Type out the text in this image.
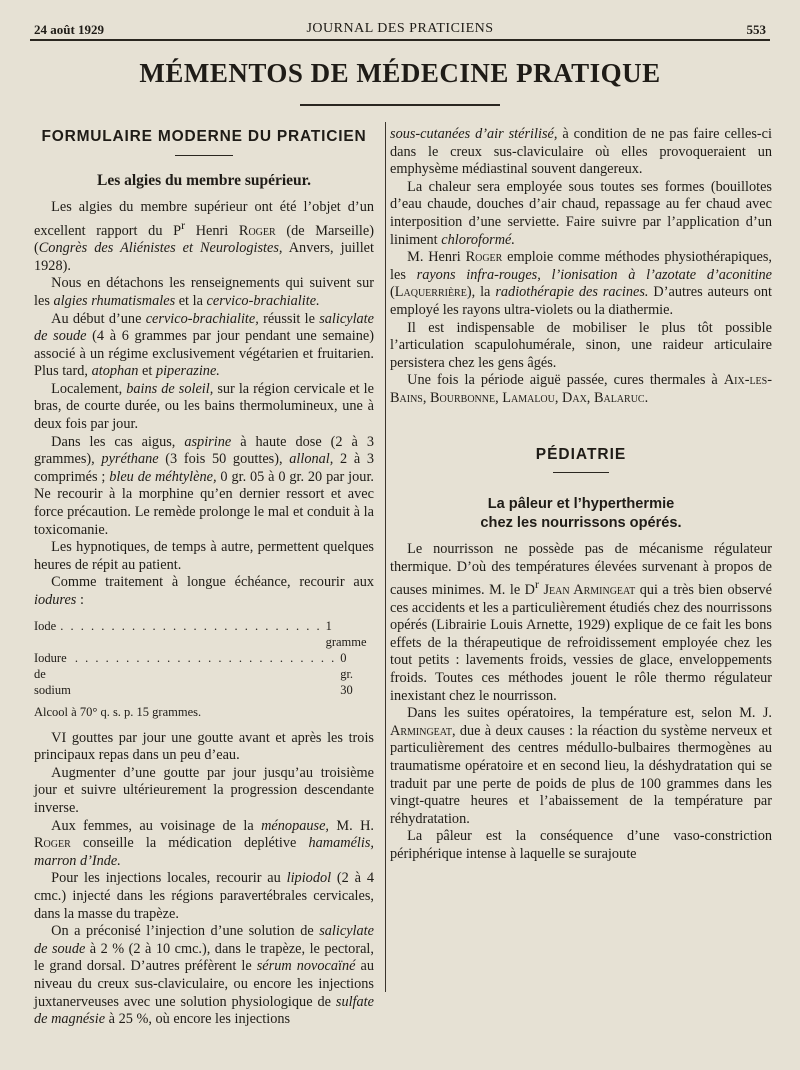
24 août 1929	JOURNAL DES PRATICIENS	553
MÉMENTOS DE MÉDECINE PRATIQUE
FORMULAIRE MODERNE DU PRATICIEN
Les algies du membre supérieur.

Les algies du membre supérieur ont été l’objet d’un excellent rapport du $P^r$ Henri Roger (de Marseille) (Congrès des Aliénistes et Neurologistes, Anvers, juillet 1928).

Nous en détachons les renseignements qui suivent sur les algies rhumatismales et la cervico-brachialite.

Au début d’une cervico-brachialite, réussit le salicylate de soude (4 à 6 grammes par jour pendant une semaine) associé à un régime exclusivement végétarien et fruitarien. Plus tard, atophan et piperazine.

Localement, bains de soleil, sur la région cervicale et le bras, de courte durée, ou les bains thermolumineux, une à deux fois par jour.

Dans les cas aigus, aspirine à haute dose (2 à 3 grammes), pyréthane (3 fois 50 gouttes), allonal, 2 à 3 comprimés ; bleu de méhtylène, 0 gr. 05 à 0 gr. 20 par jour. Ne recourir à la morphine qu’en dernier ressort et avec force précaution. Le remède prolonge le mal et conduit à la toxicomanie.

Les hypnotiques, de temps à autre, permettent quelques heures de répit au patient.

Comme traitement à longue échéance, recourir aux iodures :

Iode . . . . . . . . . . . . . . . . . . . . . . . . . . 1 gramme
Iodure de sodium
. . . . . . . . . . . . . . . . . . . . . . . . . . 0 gr. 30
Alcool à 70° q. s. p. 15 grammes.

VI gouttes par jour une goutte avant et après les trois principaux repas dans un peu d’eau.

Augmenter d’une goutte par jour jusqu’au troisième jour et suivre ultérieurement la progression descendante inverse.

Aux femmes, au voisinage de la ménopause, M. H. Roger conseille la médication deplétive hamamélis, marron d’Inde.

Pour les injections locales, recourir au lipiodol (2 à 4 cmc.) injecté dans les régions paravertébrales cervicales, dans la masse du trapèze.

On a préconisé l’injection d’une solution de salicylate de soude à 2 % (2 à 10 cmc.), dans le trapèze, le pectoral, le grand dorsal. D’autres préfèrent le sérum novocaïné au niveau du creux sus-claviculaire, ou encore les injections juxtanerveuses avec une solution physiologique de sulfate de magnésie à 25 %, où encore les injections

sous-cutanées d’air stérilisé, à condition de ne pas faire celles-ci dans le creux sus-claviculaire où elles provoqueraient un emphysème médiastinal souvent dangereux.

La chaleur sera employée sous toutes ses formes (bouillotes d’eau chaude, douches d’air chaud, repassage au fer chaud avec interposition d’une serviette. Faire suivre par l’application d’un liniment chloroformé.

M. Henri Roger emploie comme méthodes physiothérapiques, les rayons infra-rouges, l’ionisation à l’azotate d’aconitine (Laquerrière), la radiothérapie des racines. D’autres auteurs ont employé les rayons ultra-violets ou la diathermie.

Il est indispensable de mobiliser le plus tôt possible l’articulation scapulohumérale, sinon, une raideur articulaire persistera chez les gens âgés.

Une fois la période aiguë passée, cures thermales à Aix-les-Bains, Bourbonne, Lamalou, Dax, Balaruc.

PÉDIATRIE
La pâleur et l’hyperthermie
chez les nourrissons opérés.

Le nourrisson ne possède pas de mécanisme régulateur thermique. D’où des températures élevées survenant à propos de causes minimes. M. le $D^r$ Jean Armingeat qui a très bien observé ces accidents et les a particulièrement étudiés chez des nourrissons opérés (Librairie Louis Arnette, 1929) explique de ce fait les bons effets de la thérapeutique de refroidissement employée chez les tout petits : lavements froids, vessies de glace, enveloppements froids. Toutes ces méthodes jouent le rôle thermo régulateur inexistant chez le nourrisson.

Dans les suites opératoires, la température est, selon M. J. Armingeat, due à deux causes : la réaction du système nerveux et particulièrement des centres médullo-bulbaires thermogènes au traumatisme opératoire et en second lieu, la déshydratation qui se traduit par une perte de poids de plus de 100 grammes dans les vingt-quatre heures et l’abaissement de la température par réhydratation.

La pâleur est la conséquence d’une vaso-constriction périphérique intense à laquelle se surajoute
